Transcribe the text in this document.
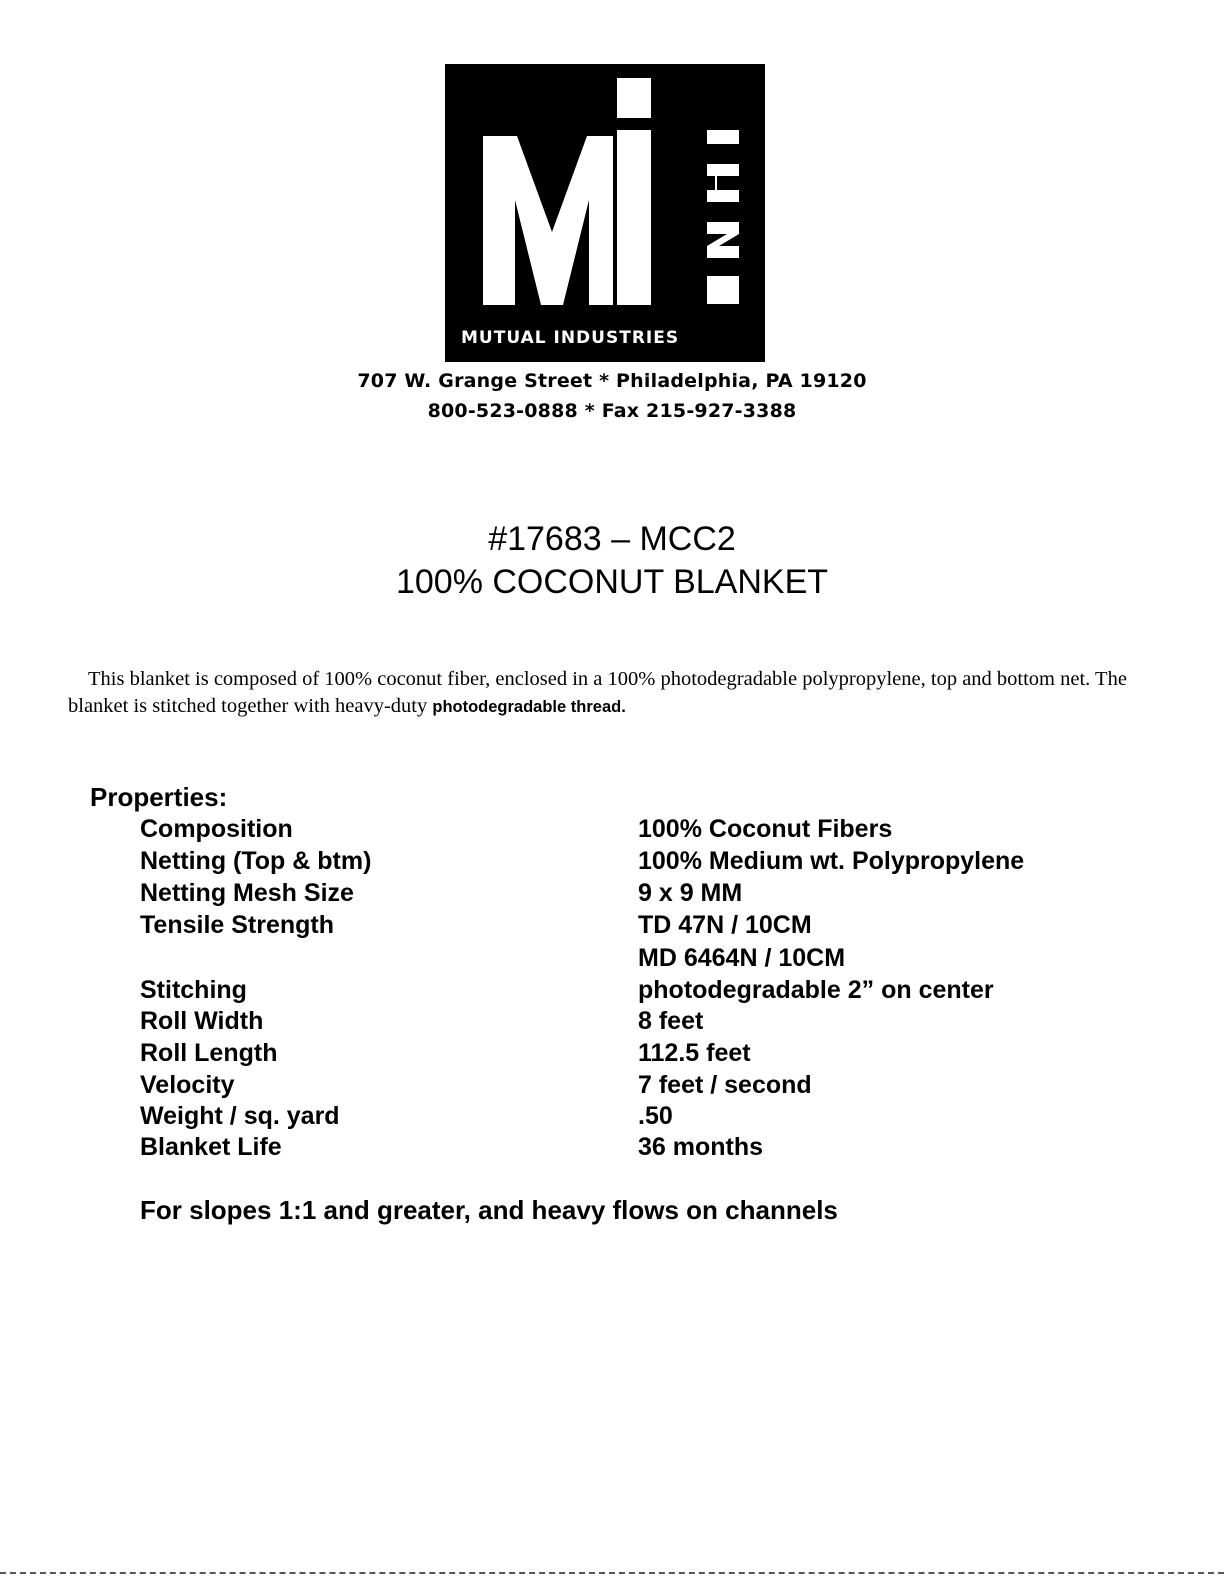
MUTUAL INDUSTRIES
707 W. Grange Street * Philadelphia, PA 19120
800-523-0888 * Fax 215-927-3388
#17683 – MCC2
100% COCONUT BLANKET
This blanket is composed of 100% coconut fiber, enclosed in a 100% photodegradable polypropylene, top and bottom net. The blanket is stitched together with heavy-duty photodegradable thread.
Properties:
Composition	100% Coconut Fibers
Netting (Top & btm)	100% Medium wt. Polypropylene
Netting Mesh Size	9 x 9 MM
Tensile Strength	TD 47N / 10CM
MD 6464N / 10CM
Stitching	photodegradable 2” on center
Roll Width	8 feet
Roll Length	112.5 feet
Velocity	7 feet / second
Weight / sq. yard	.50
Blanket Life	36 months
For slopes 1:1 and greater, and heavy flows on channels
